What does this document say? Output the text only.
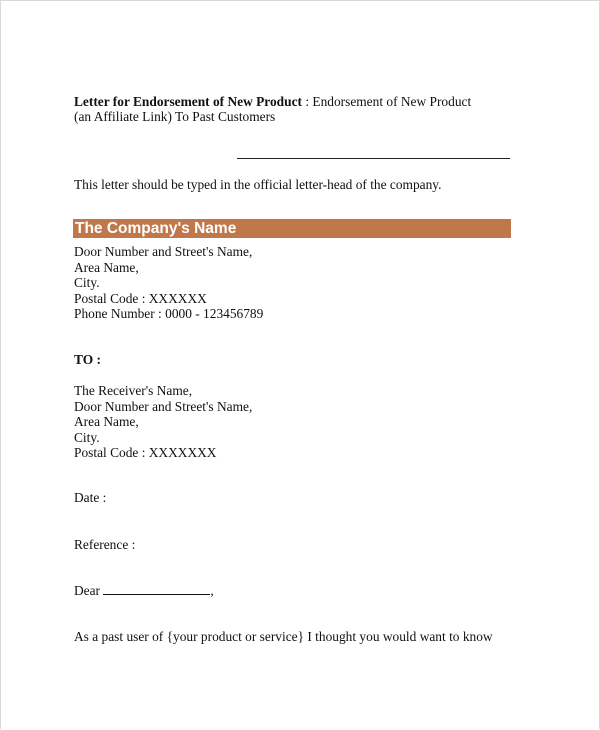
Letter for Endorsement of New Product : Endorsement of New Product
(an Affiliate Link) To Past Customers
This letter should be typed in the official letter-head of the company.
The Company's Name
Door Number and Street's Name,
Area Name,
City.
Postal Code : XXXXXX
Phone Number : 0000 - 123456789
TO :
The Receiver's Name,
Door Number and Street's Name,
Area Name,
City.
Postal Code : XXXXXXX
Date :
Reference :
Dear	,
As a past user of {your product or service} I thought you would want to know
